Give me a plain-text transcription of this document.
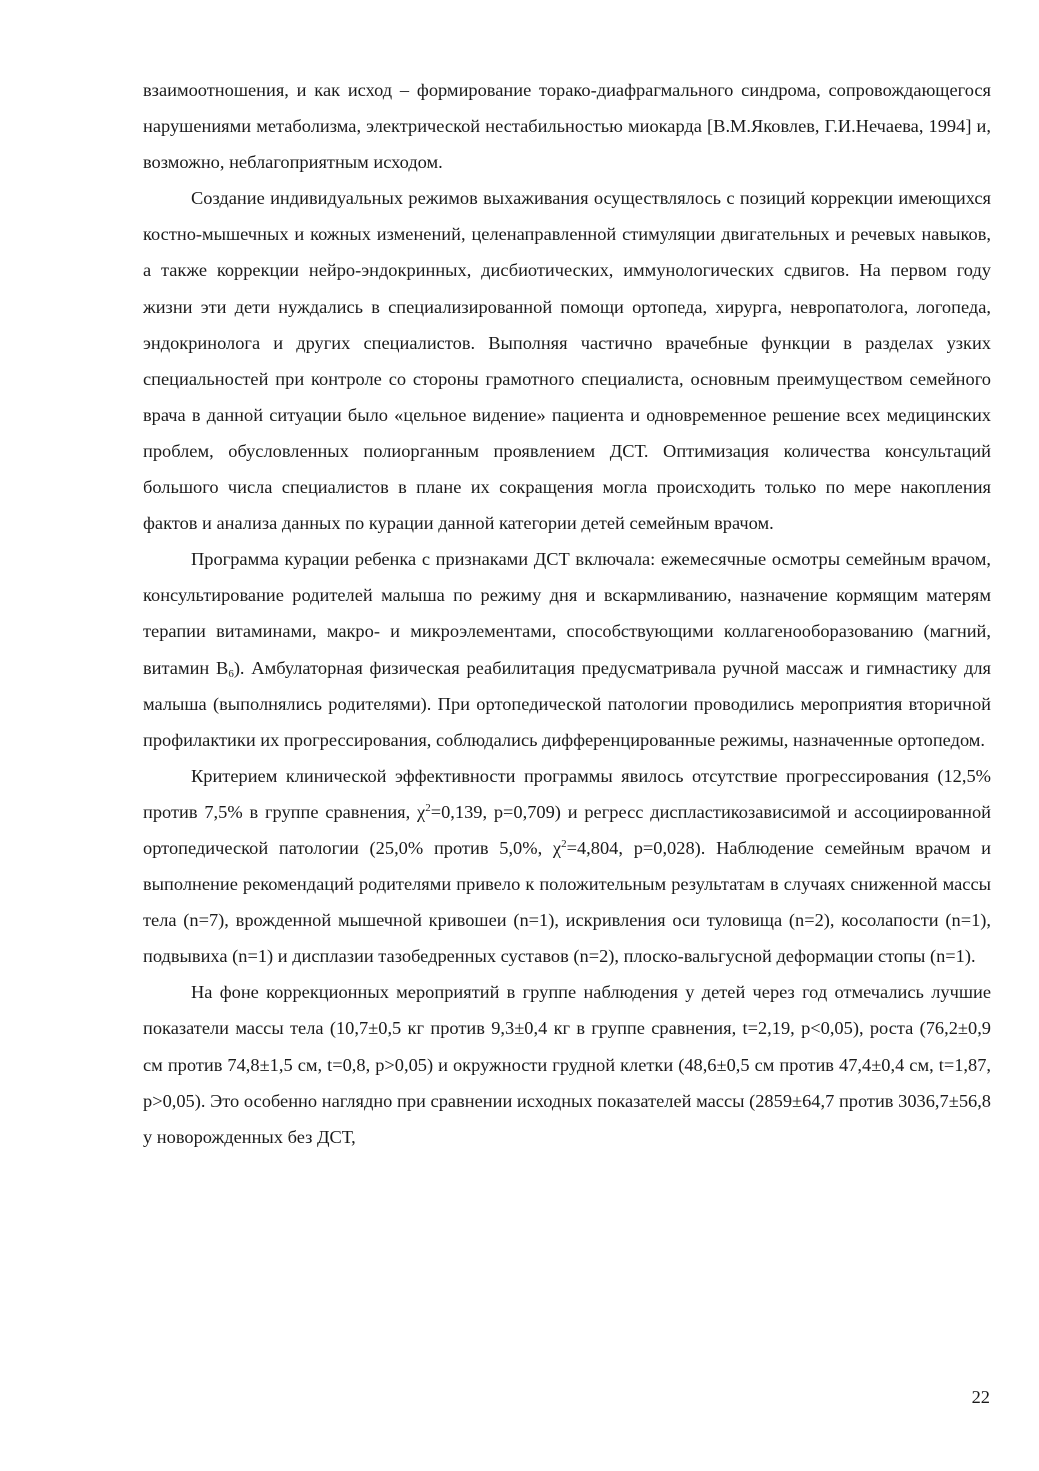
взаимоотношения, и как исход – формирование торако-диафрагмального синдрома, сопровождающегося нарушениями метаболизма, электрической нестабильностью миокарда [В.М.Яковлев, Г.И.Нечаева, 1994] и, возможно, неблагоприятным исходом.

Создание индивидуальных режимов выхаживания осуществлялось с позиций коррекции имеющихся костно-мышечных и кожных изменений, целенаправленной стимуляции двигательных и речевых навыков, а также коррекции нейро-эндокринных, дисбиотических, иммунологических сдвигов. На первом году жизни эти дети нуждались в специализированной помощи ортопеда, хирурга, невропатолога, логопеда, эндокринолога и других специалистов. Выполняя частично врачебные функции в разделах узких специальностей при контроле со стороны грамотного специалиста, основным преимуществом семейного врача в данной ситуации было «цельное видение» пациента и одновременное решение всех медицинских проблем, обусловленных полиорганным проявлением ДСТ. Оптимизация количества консультаций большого числа специалистов в плане их сокращения могла происходить только по мере накопления фактов и анализа данных по курации данной категории детей семейным врачом.

Программа курации ребенка с признаками ДСТ включала: ежемесячные осмотры семейным врачом, консультирование родителей малыша по режиму дня и вскармливанию, назначение кормящим матерям терапии витаминами, макро- и микроэлементами, способствующими коллагенооборазованию (магний, витамин $В_6$). Амбулаторная физическая реабилитация предусматривала ручной массаж и гимнастику для малыша (выполнялись родителями). При ортопедической патологии проводились мероприятия вторичной профилактики их прогрессирования, соблюдались дифференцированные режимы, назначенные ортопедом.

Критерием клинической эффективности программы явилось отсутствие прогрессирования (12,5% против 7,5% в группе сравнения, $\chi^2=0,139$, р=0,709) и регресс диспластикозависимой и ассоциированной ортопедической патологии (25,0% против 5,0%, $\chi^2=4,804$, р=0,028). Наблюдение семейным врачом и выполнение рекомендаций родителями привело к положительным результатам в случаях сниженной массы тела (n=7), врожденной мышечной кривошеи (n=1), искривления оси туловища (n=2), косолапости (n=1), подвывиха (n=1) и дисплазии тазобедренных суставов (n=2), плоско-вальгусной деформации стопы (n=1).

На фоне коррекционных мероприятий в группе наблюдения у детей через год отмечались лучшие показатели массы тела (10,7±0,5 кг против 9,3±0,4 кг в группе сравнения, t=2,19, p<0,05), роста (76,2±0,9 см против 74,8±1,5 см, t=0,8, p>0,05) и окружности грудной клетки (48,6±0,5 см против 47,4±0,4 см, t=1,87, p>0,05). Это особенно наглядно при сравнении исходных показателей массы (2859±64,7 против 3036,7±56,8 у новорожденных без ДСТ,

22
